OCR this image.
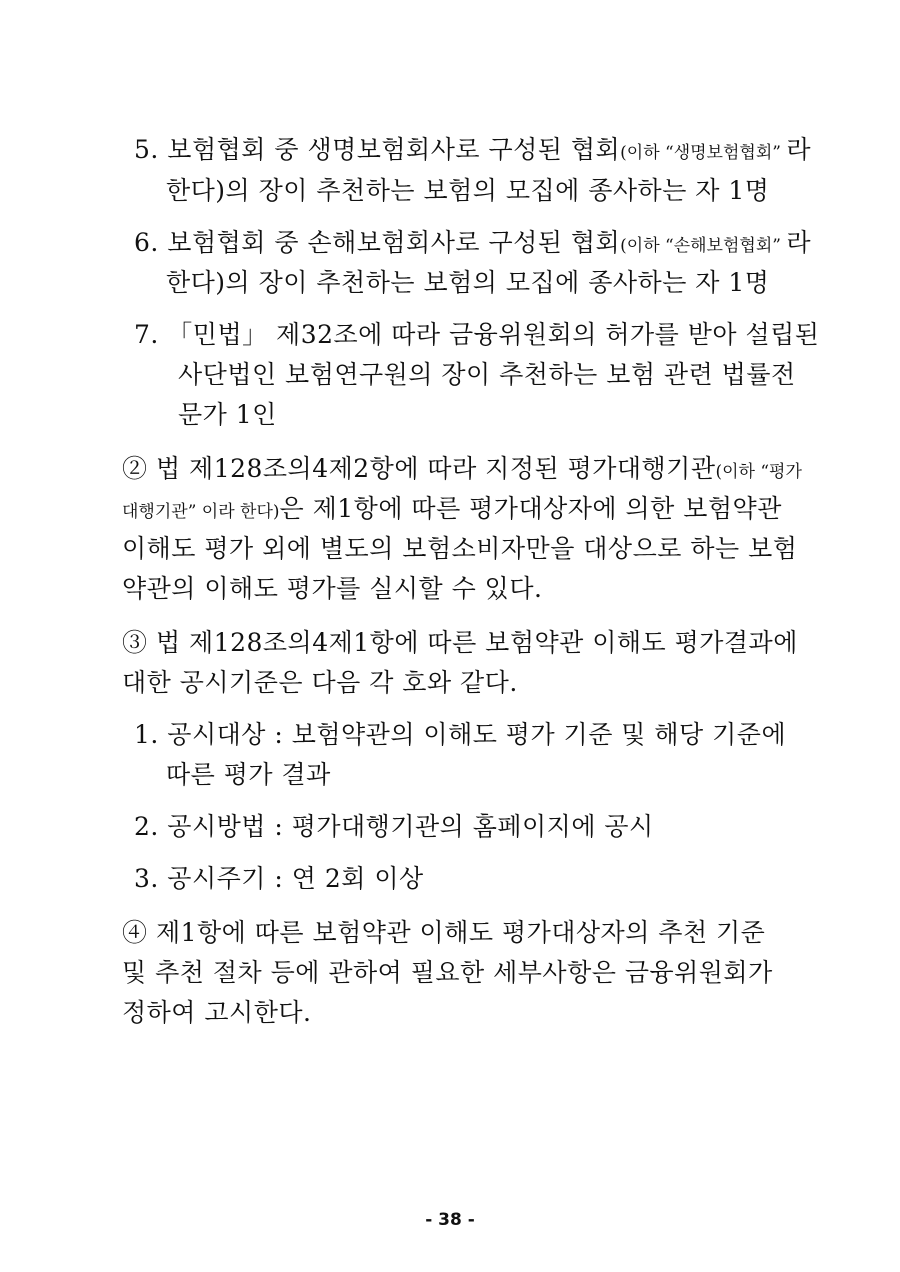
5. 보험협회 중 생명보험회사로 구성된 협회(이하 “생명보험협회” 라
한다)의 장이 추천하는 보험의 모집에 종사하는 자 1명
6. 보험협회 중 손해보험회사로 구성된 협회(이하 “손해보험협회” 라
한다)의 장이 추천하는 보험의 모집에 종사하는 자 1명
7. 「민법」 제32조에 따라 금융위원회의 허가를 받아 설립된
사단법인 보험연구원의 장이 추천하는 보험 관련 법률전
문가 1인
② 법 제128조의4제2항에 따라 지정된 평가대행기관(이하 “평가
대행기관” 이라 한다)은 제1항에 따른 평가대상자에 의한 보험약관
이해도 평가 외에 별도의 보험소비자만을 대상으로 하는 보험
약관의 이해도 평가를 실시할 수 있다.
③ 법 제128조의4제1항에 따른 보험약관 이해도 평가결과에
대한 공시기준은 다음 각 호와 같다.
1. 공시대상 : 보험약관의 이해도 평가 기준 및 해당 기준에
따른 평가 결과
2. 공시방법 : 평가대행기관의 홈페이지에 공시
3. 공시주기 : 연 2회 이상
④ 제1항에 따른 보험약관 이해도 평가대상자의 추천 기준
및 추천 절차 등에 관하여 필요한 세부사항은 금융위원회가
정하여 고시한다.
- 38 -
